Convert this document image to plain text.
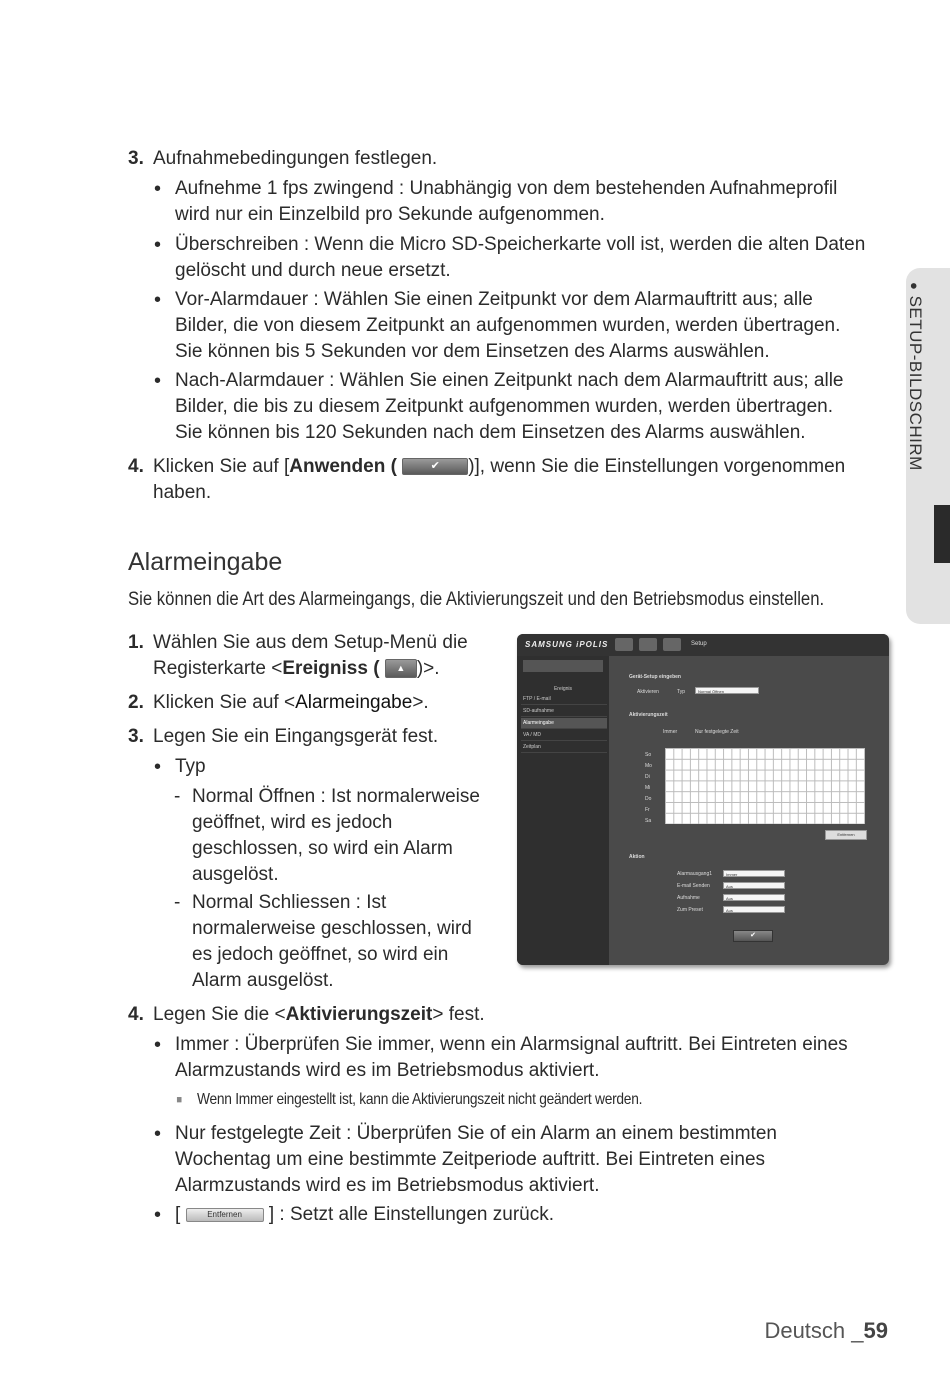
● SETUP-BILDSCHIRM
3. Aufnahmebedingungen festlegen.
• Aufnehme 1 fps zwingend : Unabhängig von dem bestehenden Aufnahmeprofil
wird nur ein Einzelbild pro Sekunde aufgenommen.
• Überschreiben : Wenn die Micro SD-Speicherkarte voll ist, werden die alten Daten
gelöscht und durch neue ersetzt.
• Vor-Alarmdauer : Wählen Sie einen Zeitpunkt vor dem Alarmauftritt aus; alle
Bilder, die von diesem Zeitpunkt an aufgenommen wurden, werden übertragen.
Sie können bis 5 Sekunden vor dem Einsetzen des Alarms auswählen.
• Nach-Alarmdauer : Wählen Sie einen Zeitpunkt nach dem Alarmauftritt aus; alle
Bilder, die bis zu diesem Zeitpunkt aufgenommen wurden, werden übertragen.
Sie können bis 120 Sekunden nach dem Einsetzen des Alarms auswählen.
4. Klicken Sie auf [Anwenden (	✔ )], wenn Sie die Einstellungen vorgenommen
haben.
Alarmeingabe
Sie können die Art des Alarmeingangs, die Aktivierungszeit und den Betriebsmodus einstellen.
1. Wählen Sie aus dem Setup-Menü die
Registerkarte <Ereigniss ( ▲ )>.
2. Klicken Sie auf <Alarmeingabe>.
3. Legen Sie ein Eingangsgerät fest.
• Typ
- Normal Öffnen : Ist normalerweise
geöffnet, wird es jedoch
geschlossen, so wird ein Alarm
ausgelöst.
- Normal Schliessen : Ist
normalerweise geschlossen, wird
es jedoch geöffnet, so wird ein
Alarm ausgelöst.
4. Legen Sie die <Aktivierungszeit> fest.
• Immer : Überprüfen Sie immer, wenn ein Alarmsignal auftritt. Bei Eintreten eines
Alarmzustands wird es im Betriebsmodus aktiviert.
■ Wenn Immer eingestellt ist, kann die Aktivierungszeit nicht geändert werden.
• Nur festgelegte Zeit : Überprüfen Sie of ein Alarm an einem bestimmten
Wochentag um eine bestimmte Zeitperiode auftritt. Bei Eintreten eines
Alarmzustands wird es im Betriebsmodus aktiviert.
• [	Entfernen ] : Setzt alle Einstellungen zurück.
SAMSUNG iPOLIS	Setup
Ereignis
FTP / E-mail
SD-aufnahme
Alarmeingabe
VA / MD
Zeitplan
Gerät-Setup eingeben
Aktivieren	Typ	Normal Öffnen
Aktivierungszeit
Immer	Nur festgelegte Zeit
So
Mo
Di
Mi
Do
Fr
Sa
Entfernen
Aktion
Alarmausgang1	Immer
E-mail Senden	Aus
Aufnahme	Aus
Zum Preset	Aus
✔
Deutsch _59
